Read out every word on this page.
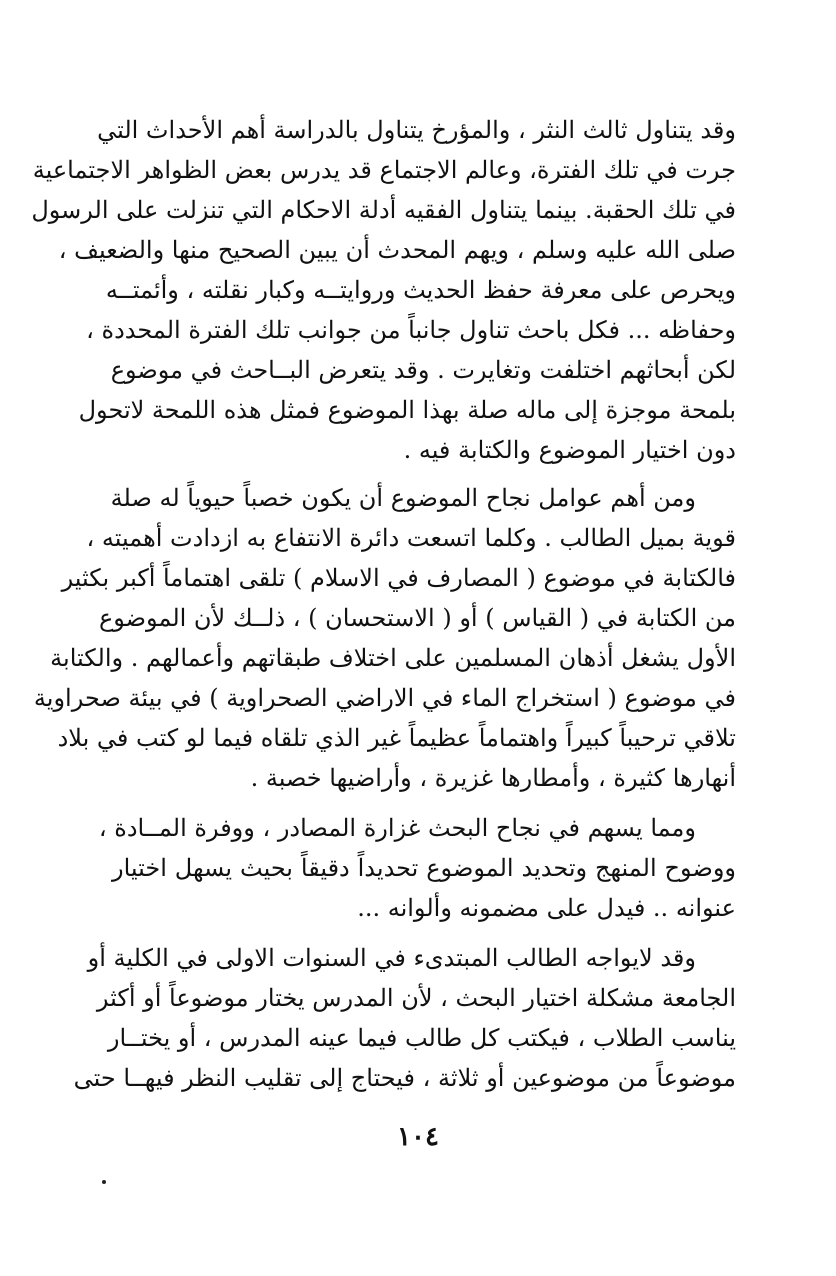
وقد يتناول ثالث النثر ، والمؤرخ يتناول بالدراسة أهم الأحداث التي
جرت في تلك الفترة، وعالم الاجتماع قد يدرس بعض الظواهر الاجتماعية
في تلك الحقبة. بينما يتناول الفقيه أدلة الاحكام التي تنزلت على الرسول
صلى الله عليه وسلم ، ويهم المحدث أن يبين الصحيح منها والضعيف ،
ويحرص على معرفة حفظ الحديث وروايتــه وكبار نقلته ، وأئمتــه
وحفاظه ... فكل باحث تناول جانباً من جوانب تلك الفترة المحددة ،
لكن أبحاثهم اختلفت وتغايرت . وقد يتعرض البــاحث في موضوع
بلمحة موجزة إلى ماله صلة بهذا الموضوع فمثل هذه اللمحة لاتحول
دون اختيار الموضوع والكتابة فيه .
ومن أهم عوامل نجاح الموضوع أن يكون خصباً حيوياً له صلة
قوية بميل الطالب . وكلما اتسعت دائرة الانتفاع به ازدادت أهميته ،
فالكتابة في موضوع ( المصارف في الاسلام ) تلقى اهتماماً أكبر بكثير
من الكتابة في ( القياس ) أو ( الاستحسان ) ، ذلــك لأن الموضوع
الأول يشغل أذهان المسلمين على اختلاف طبقاتهم وأعمالهم . والكتابة
في موضوع ( استخراج الماء في الاراضي الصحراوية ) في بيئة صحراوية
تلاقي ترحيباً كبيراً واهتماماً عظيماً غير الذي تلقاه فيما لو كتب في بلاد
أنهارها كثيرة ، وأمطارها غزيرة ، وأراضيها خصبة .
ومما يسهم في نجاح البحث غزارة المصادر ، ووفرة المــادة ،
ووضوح المنهج وتحديد الموضوع تحديداً دقيقاً بحيث يسهل اختيار
عنوانه .. فيدل على مضمونه وألوانه ...
وقد لايواجه الطالب المبتدىء في السنوات الاولى في الكلية أو
الجامعة مشكلة اختيار البحث ، لأن المدرس يختار موضوعاً أو أكثر
يناسب الطلاب ، فيكتب كل طالب فيما عينه المدرس ، أو يختــار
موضوعاً من موضوعين أو ثلاثة ، فيحتاج إلى تقليب النظر فيهــا حتى
١٠٤
